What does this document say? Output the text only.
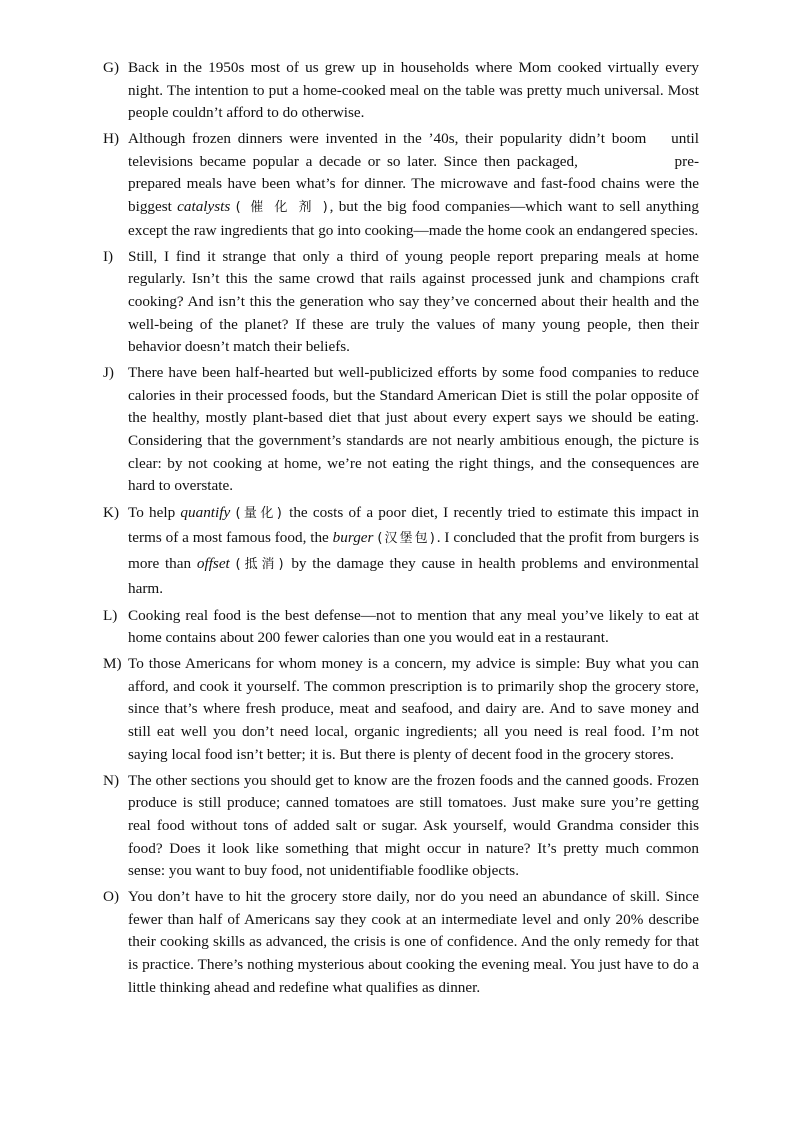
G) Back in the 1950s most of us grew up in households where Mom cooked virtually every night. The intention to put a home-cooked meal on the table was pretty much universal. Most people couldn’t afford to do otherwise.

H) Although frozen dinners were invented in the ’40s, their popularity didn’t boom until televisions became popular a decade or so later. Since then packaged,	pre-prepared meals have been what’s for dinner. The microwave and fast-food chains were the biggest catalysts ( 催 化 剂 ), but the big food companies—which want to sell anything except the raw ingredients that go into cooking—made the home cook an endangered species.

I) Still, I find it strange that only a third of young people report preparing meals at home regularly. Isn’t this the same crowd that rails against processed junk and champions craft cooking? And isn’t this the generation who say they’ve concerned about their health and the well-being of the planet? If these are truly the values of many young people, then their behavior doesn’t match their beliefs.

J) There have been half-hearted but well-publicized efforts by some food companies to reduce calories in their processed foods, but the Standard American Diet is still the polar opposite of the healthy, mostly plant-based diet that just about every expert says we should be eating. Considering that the government’s standards are not nearly ambitious enough, the picture is clear: by not cooking at home, we’re not eating the right things, and the consequences are hard to overstate.

K) To help quantify (量化) the costs of a poor diet, I recently tried to estimate this impact in terms of a most famous food, the burger (汉堡包). I concluded that the profit from burgers is more than offset (抵消) by the damage they cause in health problems and environmental harm.

L) Cooking real food is the best defense—not to mention that any meal you’ve likely to eat at home contains about 200 fewer calories than one you would eat in a restaurant.

M) To those Americans for whom money is a concern, my advice is simple: Buy what you can afford, and cook it yourself. The common prescription is to primarily shop the grocery store, since that’s where fresh produce, meat and seafood, and dairy are. And to save money and still eat well you don’t need local, organic ingredients; all you need is real food. I’m not saying local food isn’t better; it is. But there is plenty of decent food in the grocery stores.

N) The other sections you should get to know are the frozen foods and the canned goods. Frozen produce is still produce; canned tomatoes are still tomatoes. Just make sure you’re getting real food without tons of added salt or sugar. Ask yourself, would Grandma consider this food? Does it look like something that might occur in nature? It’s pretty much common sense: you want to buy food, not unidentifiable foodlike objects.

O) You don’t have to hit the grocery store daily, nor do you need an abundance of skill. Since fewer than half of Americans say they cook at an intermediate level and only 20% describe their cooking skills as advanced, the crisis is one of confidence. And the only remedy for that is practice. There’s nothing mysterious about cooking the evening meal. You just have to do a little thinking ahead and redefine what qualifies as dinner.
